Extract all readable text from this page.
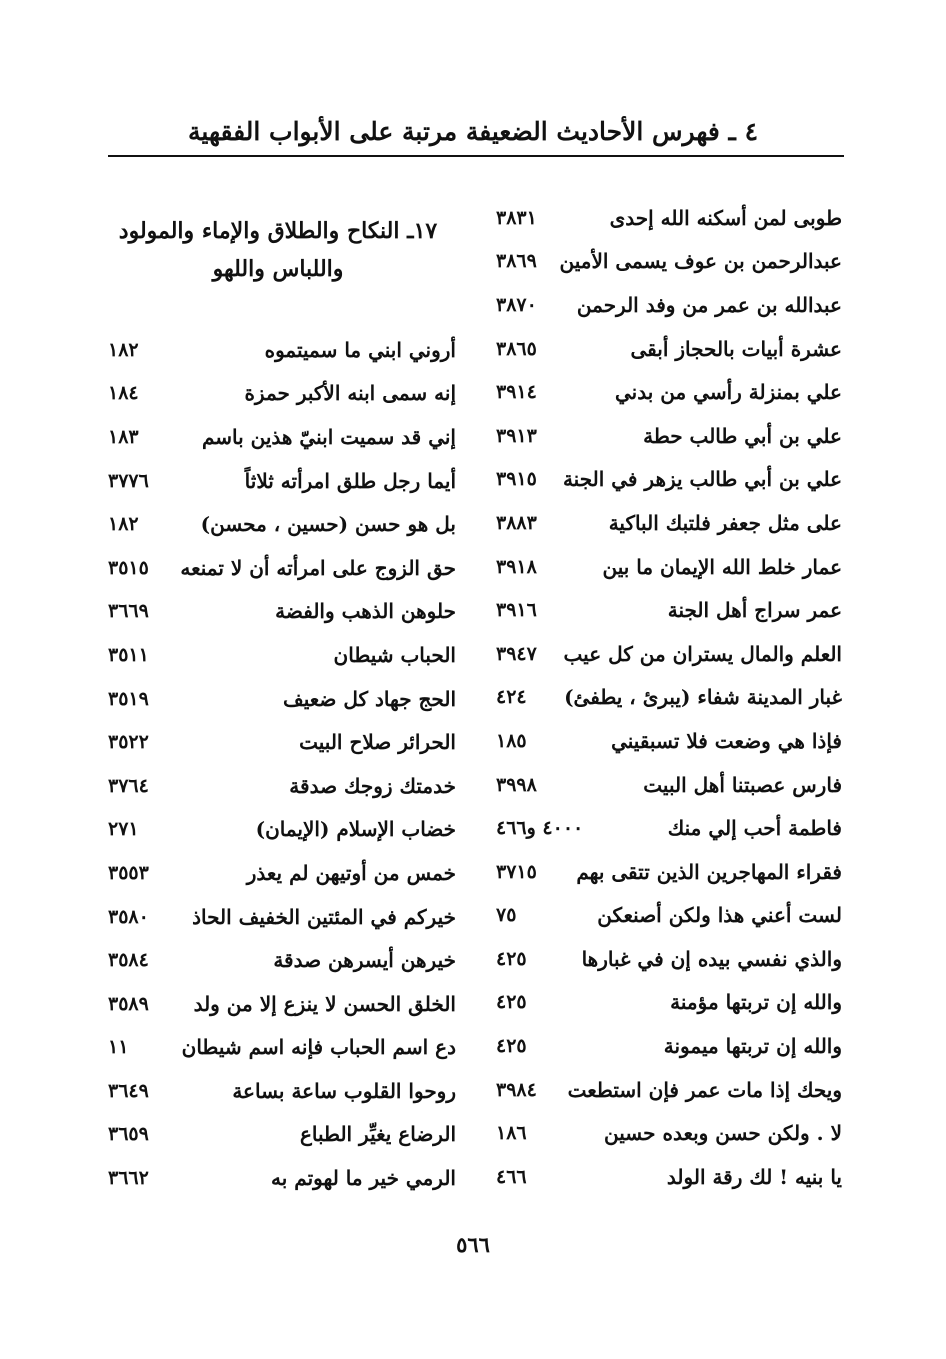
٤ ـ فهرس الأحاديث الضعيفة مرتبة على الأبواب الفقهية
طوبى لمن أسكنه الله إحدى
٣٨٣١
عبدالرحمن بن عوف يسمى الأمين
٣٨٦٩
عبدالله بن عمر من وفد الرحمن
٣٨٧٠
عشرة أبيات بالحجاز أبقى
٣٨٦٥
علي بمنزلة رأسي من بدني
٣٩١٤
علي بن أبي طالب حطة
٣٩١٣
علي بن أبي طالب يزهر في الجنة
٣٩١٥
على مثل جعفر فلتبك الباكية
٣٨٨٣
عمار خلط الله الإيمان ما بين
٣٩١٨
عمر سراج أهل الجنة
٣٩١٦
العلم والمال يستران من كل عيب
٣٩٤٧
غبار المدينة شفاء (يبرئ ، يطفئ)
٤٢٤
فإذا هي وضعت فلا تسبقيني
١٨٥
فارس عصبتنا أهل البيت
٣٩٩٨
فاطمة أحب إلي منك
٤٠٠٠ و٤٦٦
فقراء المهاجرين الذين تتقى بهم
٣٧١٥
لست أعني هذا ولكن أصنعكن
٧٥
والذي نفسي بيده إن في غبارها
٤٢٥
والله إن تربتها مؤمنة
٤٢٥
والله إن تربتها ميمونة
٤٢٥
ويحك إذا مات عمر فإن استطعت
٣٩٨٤
لا . ولكن حسن وبعده حسين
١٨٦
يا بنيه ! لك رقة الولد
٤٦٦
١٧ـ النكاح والطلاق والإماء والمولود واللباس واللهو
أروني ابني ما سميتموه
١٨٢
إنه سمى ابنه الأكبر حمزة
١٨٤
إني قد سميت ابنيّ هذين باسم
١٨٣
أيما رجل طلق امرأته ثلاثاً
٣٧٧٦
بل هو حسن (حسين ، محسن)
١٨٢
حق الزوج على امرأته أن لا تمنعه
٣٥١٥
حلوهن الذهب والفضة
٣٦٦٩
الحباب شيطان
٣٥١١
الحج جهاد كل ضعيف
٣٥١٩
الحرائر صلاح البيت
٣٥٢٢
خدمتك زوجك صدقة
٣٧٦٤
خضاب الإسلام (الإيمان)
٢٧١
خمس من أوتيهن لم يعذر
٣٥٥٣
خيركم في المئتين الخفيف الحاذ
٣٥٨٠
خيرهن أيسرهن صدقة
٣٥٨٤
الخلق الحسن لا ينزع إلا من ولد
٣٥٨٩
دع اسم الحباب فإنه اسم شيطان
١١
روحوا القلوب ساعة بساعة
٣٦٤٩
الرضاع يغيِّر الطباع
٣٦٥٩
الرمي خير ما لهوتم به
٣٦٦٢
٥٦٦
